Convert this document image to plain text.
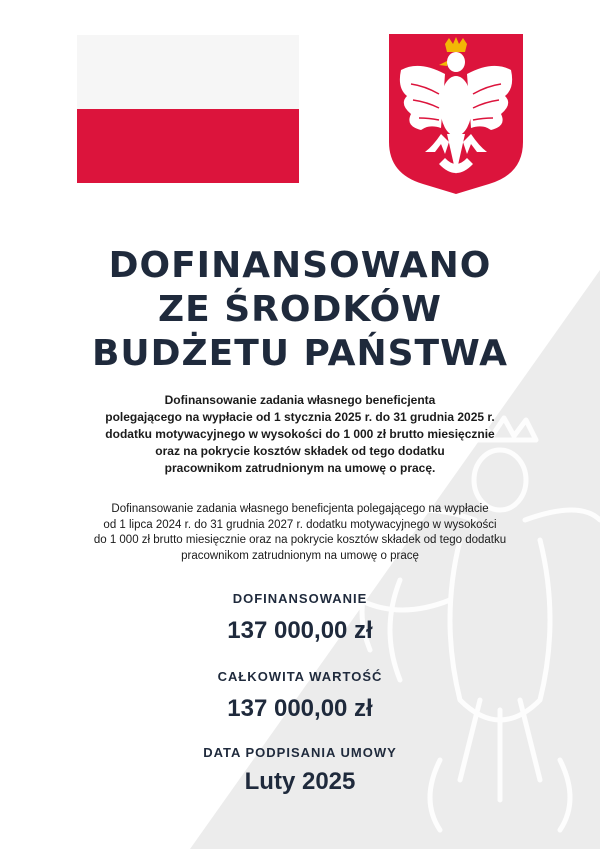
DOFINANSOWANO
ZE ŚRODKÓW
BUDŻETU PAŃSTWA
Dofinansowanie zadania własnego beneficjenta
polegającego na wypłacie od 1 stycznia 2025 r. do 31 grudnia 2025 r.
dodatku motywacyjnego w wysokości do 1 000 zł brutto miesięcznie
oraz na pokrycie kosztów składek od tego dodatku
pracownikom zatrudnionym na umowę o pracę.
Dofinansowanie zadania własnego beneficjenta polegającego na wypłacie
od 1 lipca 2024 r. do 31 grudnia 2027 r. dodatku motywacyjnego w wysokości
do 1 000 zł brutto miesięcznie oraz na pokrycie kosztów składek od tego dodatku
pracownikom zatrudnionym na umowę o pracę
DOFINANSOWANIE
137 000,00 zł
CAŁKOWITA WARTOŚĆ
137 000,00 zł
DATA PODPISANIA UMOWY
Luty 2025
